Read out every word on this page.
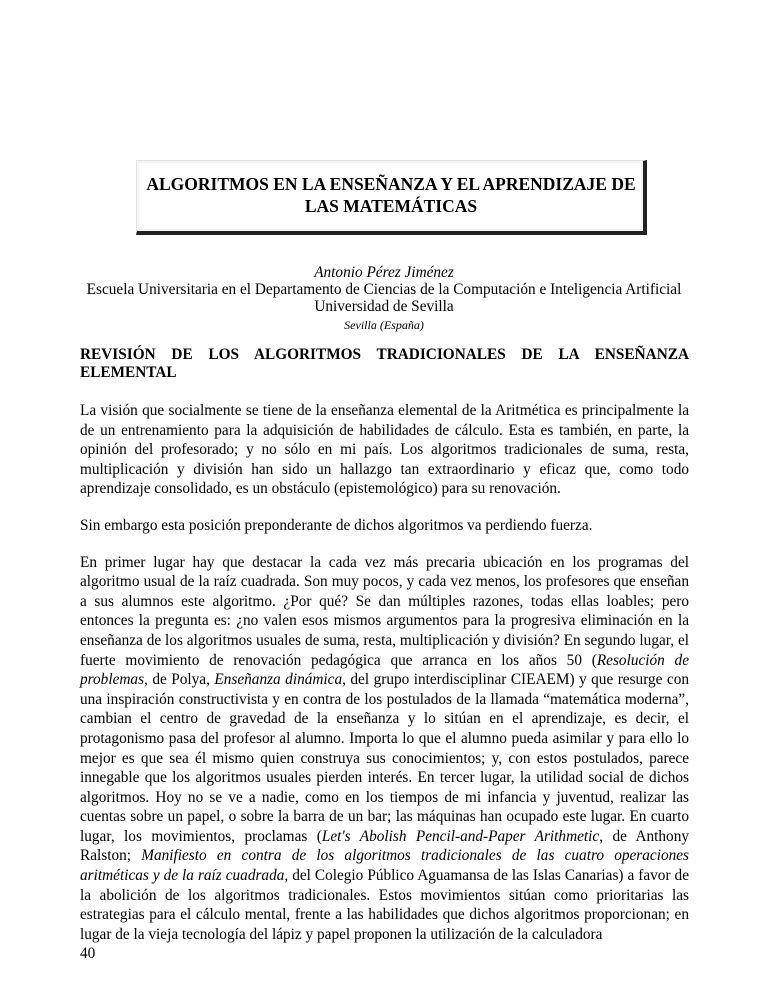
ALGORITMOS EN LA ENSEÑANZA Y EL APRENDIZAJE DE LAS MATEMÁTICAS
Antonio Pérez Jiménez
Escuela Universitaria en el Departamento de Ciencias de la Computación e Inteligencia Artificial
Universidad de Sevilla
Sevilla (España)
REVISIÓN DE LOS ALGORITMOS TRADICIONALES DE LA ENSEÑANZA ELEMENTAL
La visión que socialmente se tiene de la enseñanza elemental de la Aritmética es principalmente la de un entrenamiento para la adquisición de habilidades de cálculo. Esta es también, en parte, la opinión del profesorado; y no sólo en mi país. Los algoritmos tradicionales de suma, resta, multiplicación y división han sido un hallazgo tan extraordinario y eficaz que, como todo aprendizaje consolidado, es un obstáculo (epistemológico) para su renovación.
Sin embargo esta posición preponderante de dichos algoritmos va perdiendo fuerza.
En primer lugar hay que destacar la cada vez más precaria ubicación en los programas del algoritmo usual de la raíz cuadrada. Son muy pocos, y cada vez menos, los profesores que enseñan a sus alumnos este algoritmo. ¿Por qué? Se dan múltiples razones, todas ellas loables; pero entonces la pregunta es: ¿no valen esos mismos argumentos para la progresiva eliminación en la enseñanza de los algoritmos usuales de suma, resta, multiplicación y división? En segundo lugar, el fuerte movimiento de renovación pedagógica que arranca en los años 50 (Resolución de problemas, de Polya, Enseñanza dinámica, del grupo interdisciplinar CIEAEM) y que resurge con una inspiración constructivista y en contra de los postulados de la llamada “matemática moderna”, cambian el centro de gravedad de la enseñanza y lo sitúan en el aprendizaje, es decir, el protagonismo pasa del profesor al alumno. Importa lo que el alumno pueda asimilar y para ello lo mejor es que sea él mismo quien construya sus conocimientos; y, con estos postulados, parece innegable que los algoritmos usuales pierden interés. En tercer lugar, la utilidad social de dichos algoritmos. Hoy no se ve a nadie, como en los tiempos de mi infancia y juventud, realizar las cuentas sobre un papel, o sobre la barra de un bar; las máquinas han ocupado este lugar. En cuarto lugar, los movimientos, proclamas (Let's Abolish Pencil-and-Paper Arithmetic, de Anthony Ralston; Manifiesto en contra de los algoritmos tradicionales de las cuatro operaciones aritméticas y de la raíz cuadrada, del Colegio Público Aguamansa de las Islas Canarias) a favor de la abolición de los algoritmos tradicionales. Estos movimientos sitúan como prioritarias las estrategias para el cálculo mental, frente a las habilidades que dichos algoritmos proporcionan; en lugar de la vieja tecnología del lápiz y papel proponen la utilización de la calculadora
40
